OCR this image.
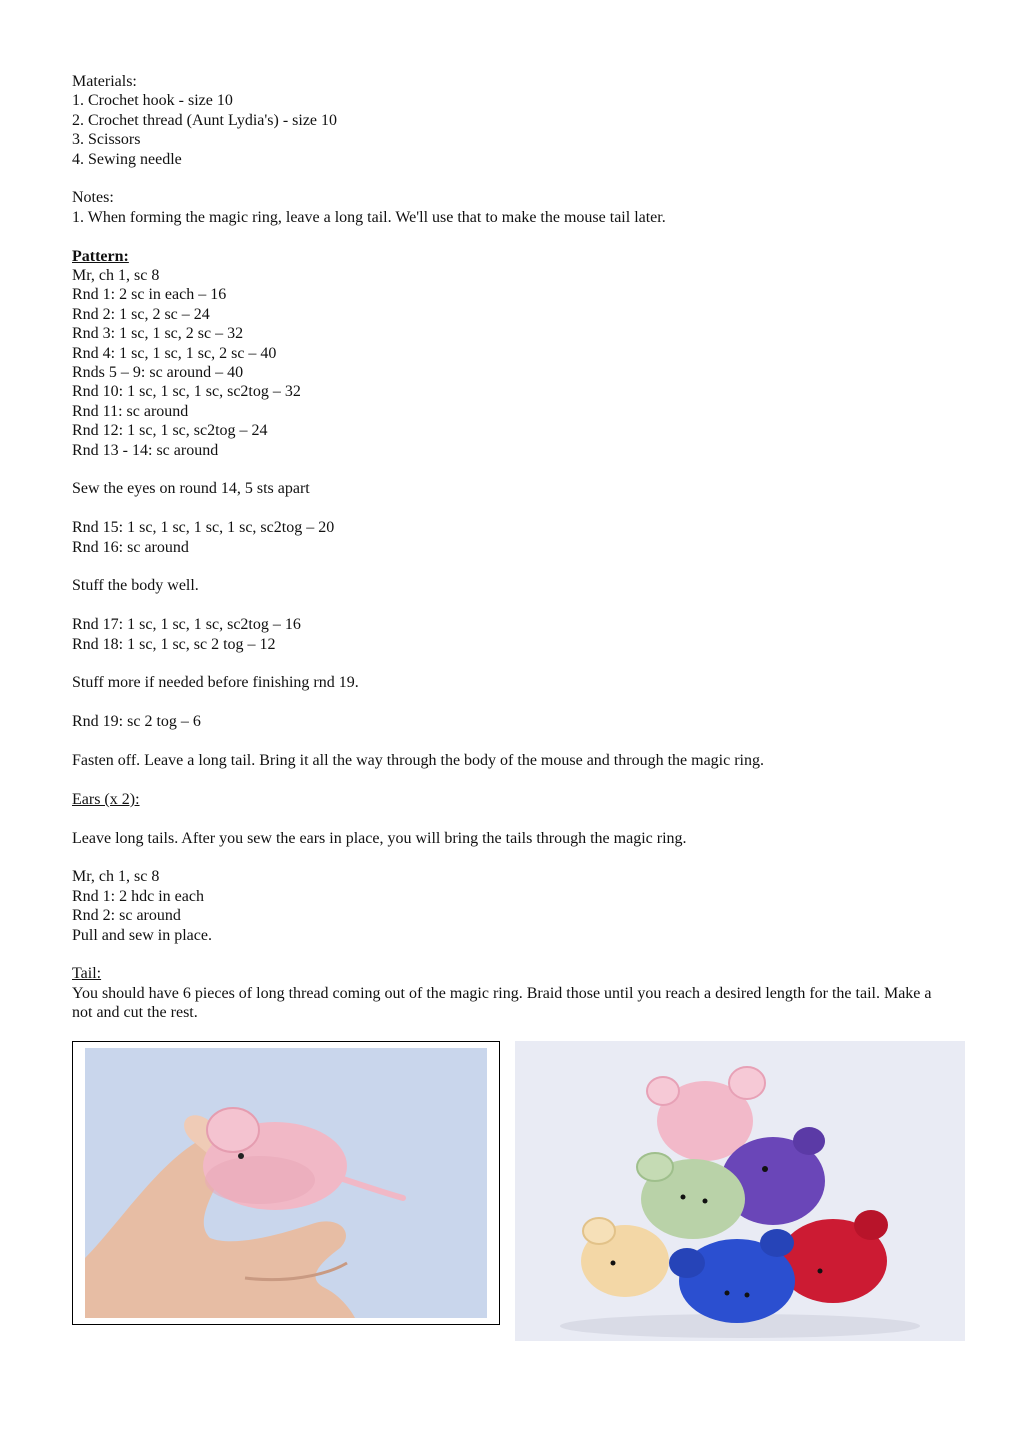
Materials:
1. Crochet hook - size 10
2. Crochet thread (Aunt Lydia's) - size 10
3. Scissors
4. Sewing needle
Notes:
1. When forming the magic ring, leave a long tail. We'll use that to make the mouse tail later.
Pattern:
Mr, ch 1, sc 8
Rnd 1: 2 sc in each – 16
Rnd 2: 1 sc, 2 sc – 24
Rnd 3: 1 sc, 1 sc, 2 sc – 32
Rnd 4: 1 sc, 1 sc, 1 sc, 2 sc – 40
Rnds 5 – 9: sc around – 40
Rnd 10: 1 sc, 1 sc, 1 sc, sc2tog – 32
Rnd 11: sc around
Rnd 12: 1 sc, 1 sc, sc2tog – 24
Rnd 13 - 14: sc around
Sew the eyes on round 14, 5 sts apart
Rnd 15: 1 sc, 1 sc, 1 sc, 1 sc, sc2tog – 20
Rnd 16: sc around
Stuff the body well.
Rnd 17: 1 sc, 1 sc, 1 sc, sc2tog – 16
Rnd 18: 1 sc, 1 sc, sc 2 tog – 12
Stuff more if needed before finishing rnd 19.
Rnd 19: sc 2 tog – 6
Fasten off. Leave a long tail. Bring it all the way through the body of the mouse and through the magic ring.
Ears (x 2):
Leave long tails. After you sew the ears in place, you will bring the tails through the magic ring.
Mr, ch 1, sc 8
Rnd 1: 2 hdc in each
Rnd 2: sc around
Pull and sew in place.
Tail:
You should have 6 pieces of long thread coming out of the magic ring. Braid those until you reach a desired length for the tail. Make a not and cut the rest.
